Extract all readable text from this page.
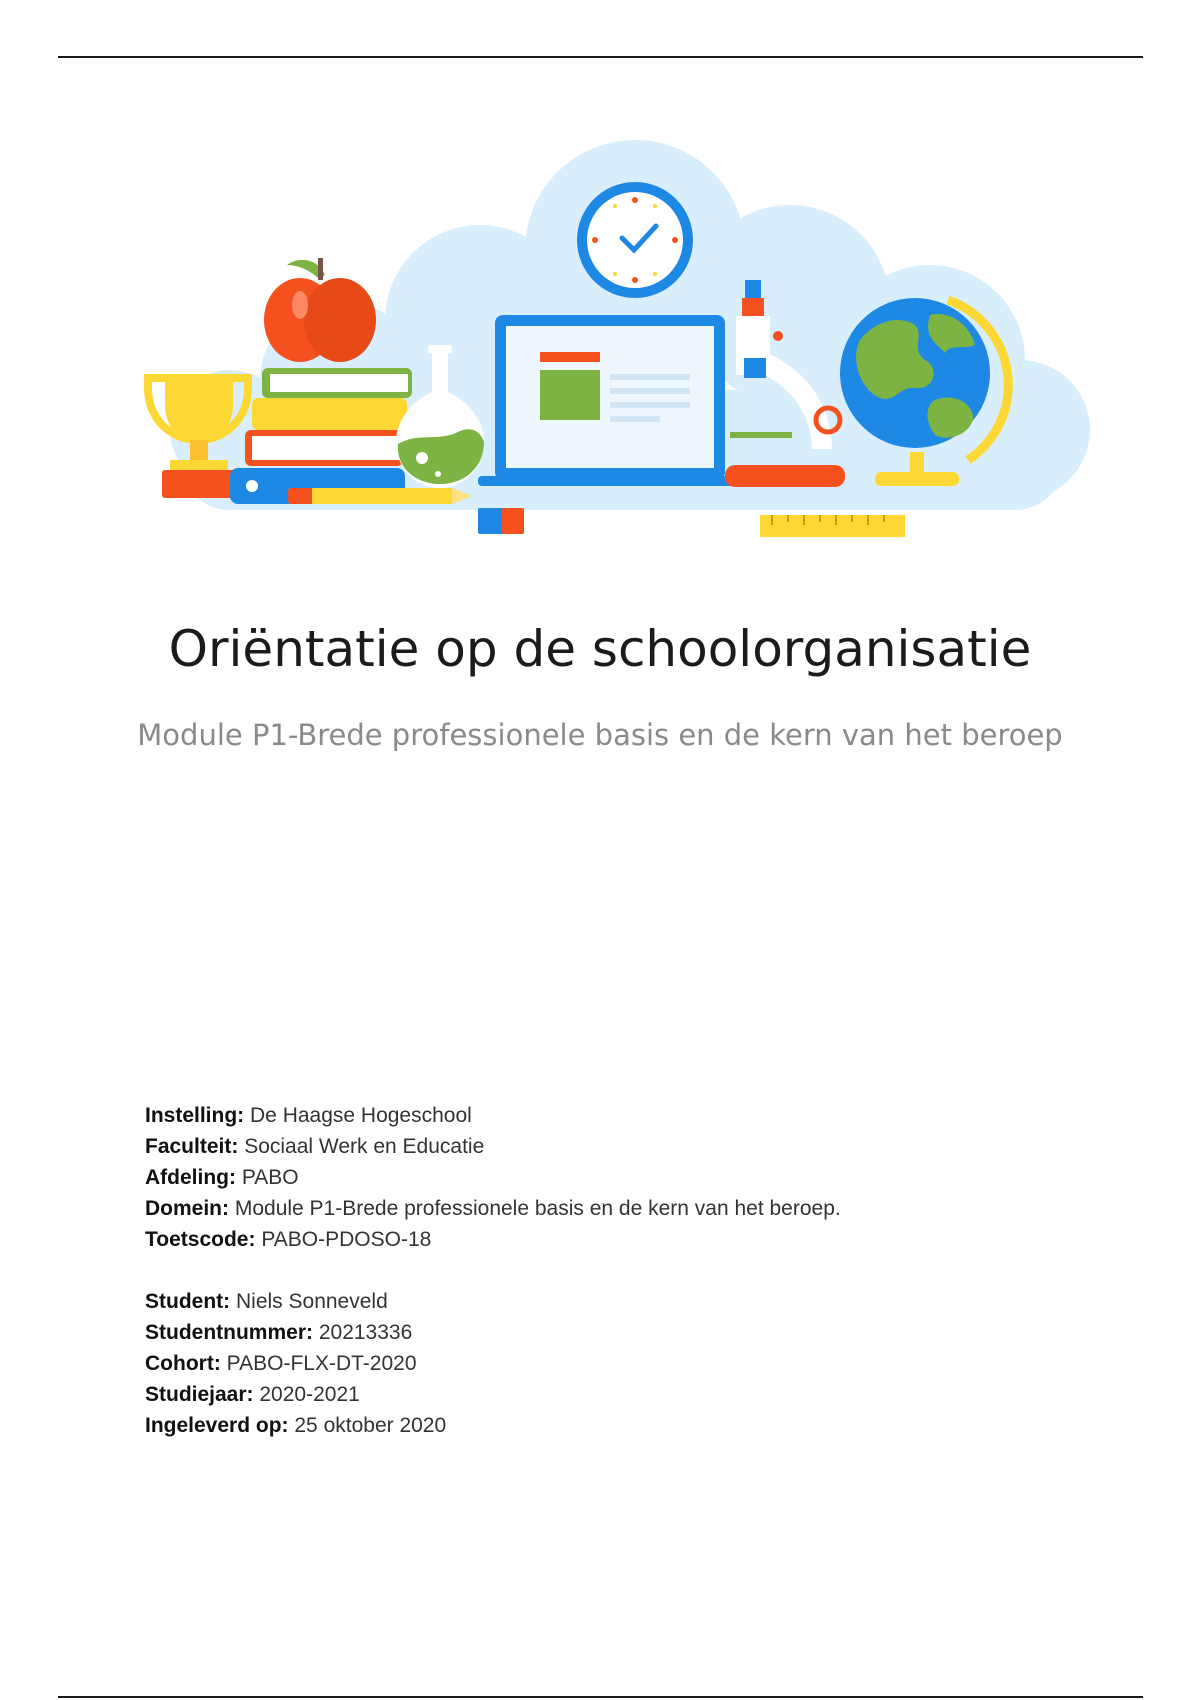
Oriëntatie op de schoolorganisatie

Module P1-Brede professionele basis en de kern van het beroep

Instelling: De Haagse Hogeschool
Faculteit: Sociaal Werk en Educatie
Afdeling: PABO
Domein: Module P1-Brede professionele basis en de kern van het beroep.
Toetscode: PABO-PDOSO-18
Student: Niels Sonneveld
Studentnummer: 20213336
Cohort: PABO-FLX-DT-2020
Studiejaar: 2020-2021
Ingeleverd op: 25 oktober 2020
